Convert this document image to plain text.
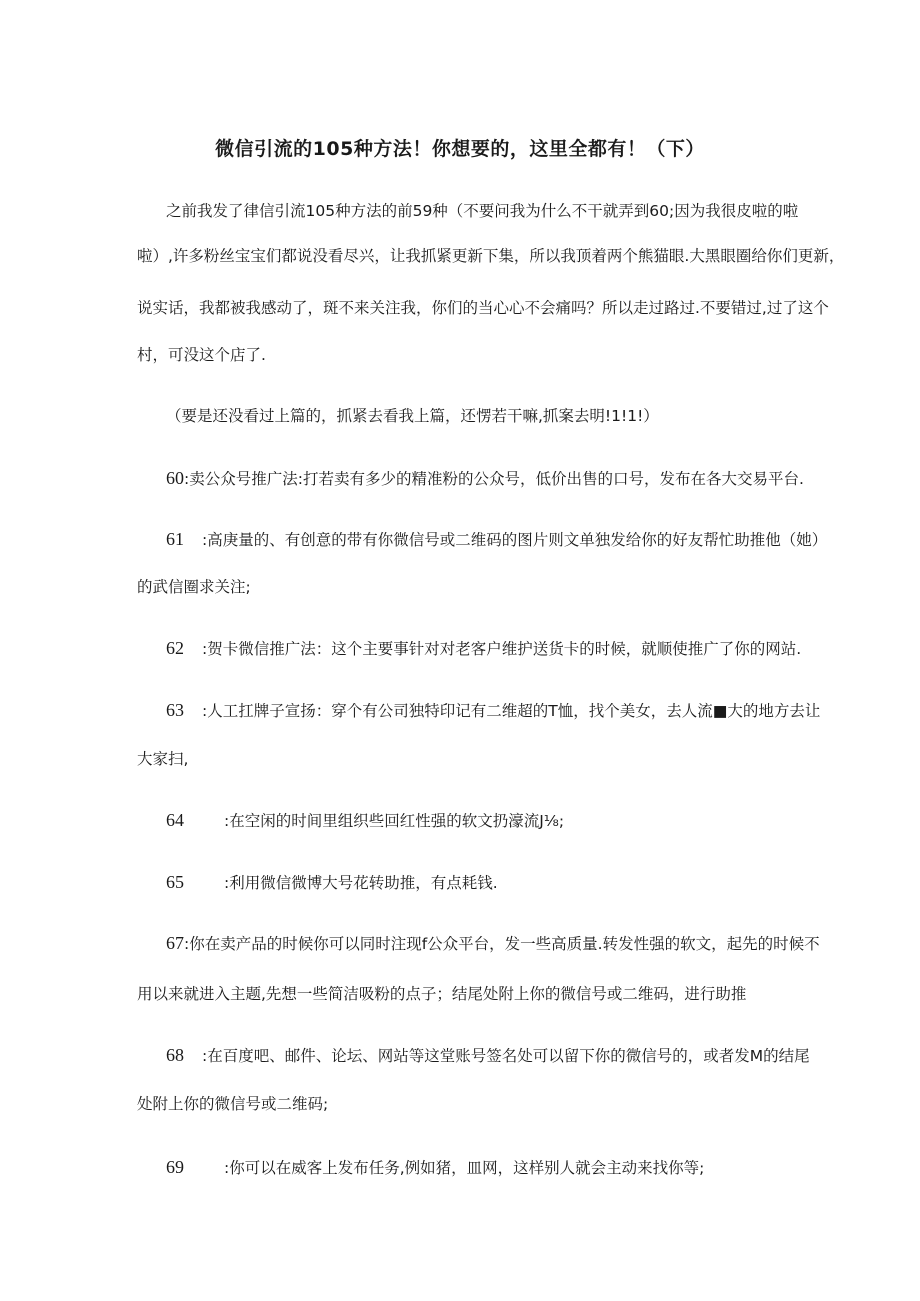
微信引流的105种方法！你想要的，这里全都有！（下）
之前我发了律信引流105种方法的前59种（不要问我为什么不干就弄到60;因为我很皮啦的啦
啦）,许多粉丝宝宝们都说没看尽兴，让我抓紧更新下集，所以我顶着两个熊猫眼.大黑眼圈给你们更新，
说实话，我都被我感动了，斑不来关注我，你们的当心心不会痛吗？所以走过路过.不要错过,过了这个
村，可没这个店了.
（要是还没看过上篇的，抓紧去看我上篇，还愣若干嘛,抓案去明!1!1!）
60:卖公众号推广法:打若卖有多少的精准粉的公众号，低价出售的口号，发布在各大交易平台.
61 :高庚量的、有创意的带有你微信号或二维码的图片则文单独发给你的好友帮忙助推他（她）
的武信圈求关注;
62 :贺卡微信推广法：这个主要事针对对老客户维护送货卡的时候，就顺使推广了你的网站.
63 :人工扛牌子宣扬：穿个有公司独特印记有二维超的T恤，找个美女，去人流■大的地方去让
大家扫,
64	:在空闲的时间里组织些回红性强的软文扔濠流J⅛;
65	:利用微信微博大号花转助推，有点耗钱.
67:你在卖产品的时候你可以同时注现f公众平台，发一些高质量.转发性强的软文，起先的时候不
用以来就进入主题,先想一些简洁吸粉的点子；结尾处附上你的微信号或二维码，进行助推
68 :在百度吧、邮件、论坛、网站等这堂账号签名处可以留下你的微信号的，或者发M的结尾
处附上你的微信号或二维码;
69	:你可以在威客上发布任务,例如猪，皿网，这样别人就会主动来找你等;
